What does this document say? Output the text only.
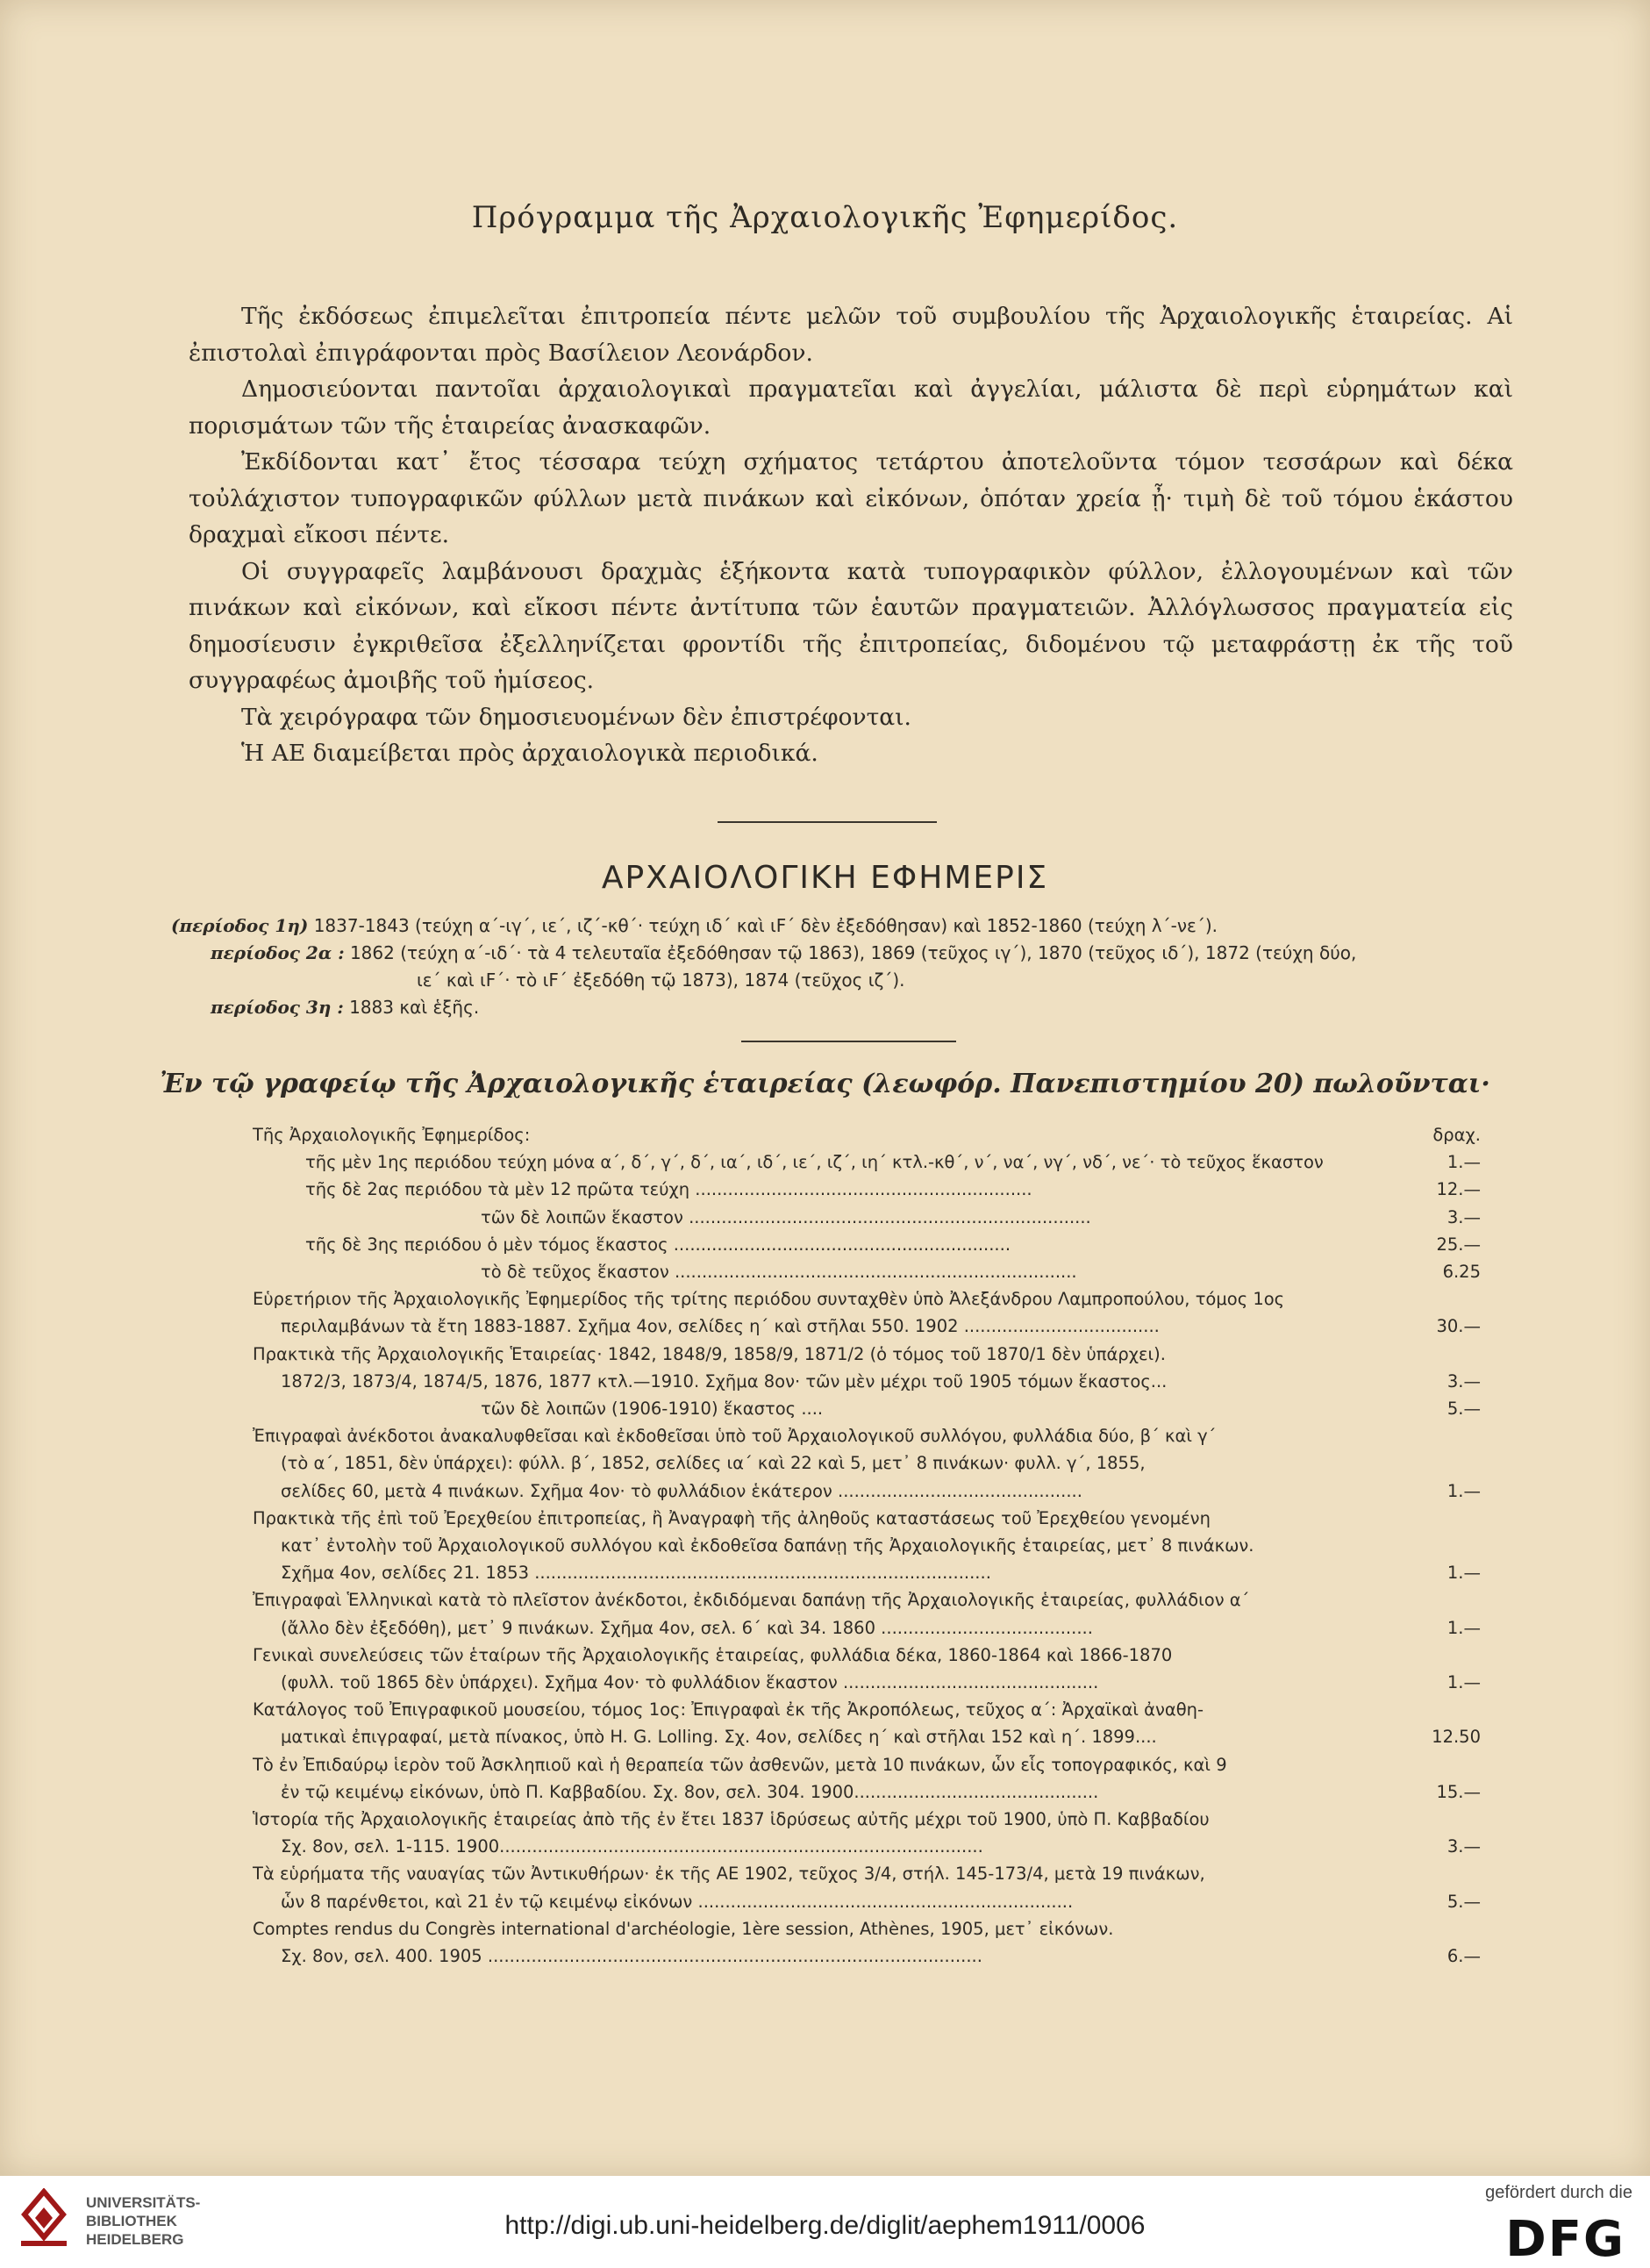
Πρόγραμμα τῆς Ἀρχαιολογικῆς Ἐφημερίδος.

Τῆς ἐκδόσεως ἐπιμελεῖται ἐπιτροπεία πέντε μελῶν τοῦ συμβουλίου τῆς Ἀρχαιολογικῆς ἑταιρείας. Αἱ ἐπιστολαὶ ἐπιγράφονται πρὸς Βασίλειον Λεονάρδον.

Δημοσιεύονται παντοῖαι ἀρχαιολογικαὶ πραγματεῖαι καὶ ἀγγελίαι, μάλιστα δὲ περὶ εὑρημάτων καὶ πορισμάτων τῶν τῆς ἑταιρείας ἀνασκαφῶν.

Ἐκδίδονται κατ᾽ ἔτος τέσσαρα τεύχη σχήματος τετάρτου ἀποτελοῦντα τόμον τεσσάρων καὶ δέκα τοὐλάχιστον τυπογραφικῶν φύλλων μετὰ πινάκων καὶ εἰκόνων, ὁπόταν χρεία ᾖ· τιμὴ δὲ τοῦ τόμου ἑκάστου δραχμαὶ εἴκοσι πέντε.

Οἱ συγγραφεῖς λαμβάνουσι δραχμὰς ἑξήκοντα κατὰ τυπογραφικὸν φύλλον, ἐλλογουμένων καὶ τῶν πινάκων καὶ εἰκόνων, καὶ εἴκοσι πέντε ἀντίτυπα τῶν ἑαυτῶν πραγματειῶν. Ἀλλόγλωσσος πραγματεία εἰς δημοσίευσιν ἐγκριθεῖσα ἐξελληνίζεται φροντίδι τῆς ἐπιτροπείας, διδομένου τῷ μεταφράστῃ ἐκ τῆς τοῦ συγγραφέως ἀμοιβῆς τοῦ ἡμίσεος.

Τὰ χειρόγραφα τῶν δημοσιευομένων δὲν ἐπιστρέφονται.

Ἡ ΑΕ διαμείβεται πρὸς ἀρχαιολογικὰ περιοδικά.

ΑΡΧΑΙΟΛΟΓΙΚΗ ΕΦΗΜΕΡΙΣ
(περίοδος 1η) 1837-1843 (τεύχη α΄-ιγ΄, ιε΄, ιζ΄-κθ΄· τεύχη ιδ΄ καὶ ιF΄ δὲν ἐξεδόθησαν) καὶ 1852-1860 (τεύχη λ΄-νε΄).
περίοδος 2α : 1862 (τεύχη α΄-ιδ΄· τὰ 4 τελευταῖα ἐξεδόθησαν τῷ 1863), 1869 (τεῦχος ιγ΄), 1870 (τεῦχος ιδ΄), 1872 (τεύχη δύο,
ιε΄ καὶ ιF΄· τὸ ιF΄ ἐξεδόθη τῷ 1873), 1874 (τεῦχος ιζ΄).
περίοδος 3η : 1883 καὶ ἑξῆς.
Ἐν τῷ γραφείῳ τῆς Ἀρχαιολογικῆς ἑταιρείας (λεωφόρ. Πανεπιστημίου 20) πωλοῦνται·
Τῆς Ἀρχαιολογικῆς Ἐφημερίδος:	δραχ.
τῆς μὲν 1ης περιόδου τεύχη μόνα α΄, δ΄, γ΄, δ΄, ια΄, ιδ΄, ιε΄, ιζ΄, ιη΄ κτλ.-κθ΄, ν΄, να΄, νγ΄, νδ΄, νε΄· τὸ τεῦχος ἕκαστον	1.—
τῆς δὲ 2ας περιόδου τὰ μὲν 12 πρῶτα τεύχη ..............................................................	12.—
τῶν δὲ λοιπῶν ἕκαστον ..........................................................................	3.—
τῆς δὲ 3ης περιόδου ὁ μὲν τόμος ἕκαστος ..............................................................	25.—
τὸ δὲ τεῦχος ἕκαστον ..........................................................................	6.25
Εὑρετήριον τῆς Ἀρχαιολογικῆς Ἐφημερίδος τῆς τρίτης περιόδου συνταχθὲν ὑπὸ Ἀλεξάνδρου Λαμπροπούλου, τόμος 1ος
περιλαμβάνων τὰ ἔτη 1883-1887. Σχῆμα 4ον, σελίδες η΄ καὶ στῆλαι 550. 1902 ....................................	30.—
Πρακτικὰ τῆς Ἀρχαιολογικῆς Ἑταιρείας· 1842, 1848/9, 1858/9, 1871/2 (ὁ τόμος τοῦ 1870/1 δὲν ὑπάρχει).
1872/3, 1873/4, 1874/5, 1876, 1877 κτλ.—1910. Σχῆμα 8ον· τῶν μὲν μέχρι τοῦ 1905 τόμων ἕκαστος...	3.—
τῶν δὲ λοιπῶν (1906-1910) ἕκαστος ....	5.—
Ἐπιγραφαὶ ἀνέκδοτοι ἀνακαλυφθεῖσαι καὶ ἐκδοθεῖσαι ὑπὸ τοῦ Ἀρχαιολογικοῦ συλλόγου, φυλλάδια δύο, β΄ καὶ γ΄
(τὸ α΄, 1851, δὲν ὑπάρχει): φύλλ. β΄, 1852, σελίδες ια΄ καὶ 22 καὶ 5, μετ᾽ 8 πινάκων· φυλλ. γ΄, 1855,
σελίδες 60, μετὰ 4 πινάκων. Σχῆμα 4ον· τὸ φυλλάδιον ἑκάτερον .............................................	1.—
Πρακτικὰ τῆς ἐπὶ τοῦ Ἐρεχθείου ἐπιτροπείας, ἢ Ἀναγραφὴ τῆς ἀληθοῦς καταστάσεως τοῦ Ἐρεχθείου γενομένη
κατ᾽ ἐντολὴν τοῦ Ἀρχαιολογικοῦ συλλόγου καὶ ἐκδοθεῖσα δαπάνῃ τῆς Ἀρχαιολογικῆς ἑταιρείας, μετ᾽ 8 πινάκων.
Σχῆμα 4ον, σελίδες 21. 1853 ....................................................................................	1.—
Ἐπιγραφαὶ Ἑλληνικαὶ κατὰ τὸ πλεῖστον ἀνέκδοτοι, ἐκδιδόμεναι δαπάνῃ τῆς Ἀρχαιολογικῆς ἑταιρείας, φυλλάδιον α΄
(ἄλλο δὲν ἐξεδόθη), μετ᾽ 9 πινάκων. Σχῆμα 4ον, σελ. 6΄ καὶ 34. 1860 .......................................	1.—
Γενικαὶ συνελεύσεις τῶν ἑταίρων τῆς Ἀρχαιολογικῆς ἑταιρείας, φυλλάδια δέκα, 1860-1864 καὶ 1866-1870
(φυλλ. τοῦ 1865 δὲν ὑπάρχει). Σχῆμα 4ον· τὸ φυλλάδιον ἕκαστον ...............................................	1.—
Κατάλογος τοῦ Ἐπιγραφικοῦ μουσείου, τόμος 1ος: Ἐπιγραφαὶ ἐκ τῆς Ἀκροπόλεως, τεῦχος α΄: Ἀρχαϊκαὶ ἀναθη-
ματικαὶ ἐπιγραφαί, μετὰ πίνακος, ὑπὸ H. G. Lolling. Σχ. 4ον, σελίδες η΄ καὶ στῆλαι 152 καὶ η΄. 1899....	12.50
Τὸ ἐν Ἐπιδαύρῳ ἱερὸν τοῦ Ἀσκληπιοῦ καὶ ἡ θεραπεία τῶν ἀσθενῶν, μετὰ 10 πινάκων, ὧν εἷς τοπογραφικός, καὶ 9
ἐν τῷ κειμένῳ εἰκόνων, ὑπὸ Π. Καββαδίου. Σχ. 8ον, σελ. 304. 1900.............................................	15.—
Ἱστορία τῆς Ἀρχαιολογικῆς ἑταιρείας ἀπὸ τῆς ἐν ἔτει 1837 ἱδρύσεως αὐτῆς μέχρι τοῦ 1900, ὑπὸ Π. Καββαδίου
Σχ. 8ον, σελ. 1-115. 1900.........................................................................................	3.—
Τὰ εὑρήματα τῆς ναυαγίας τῶν Ἀντικυθήρων· ἐκ τῆς ΑΕ 1902, τεῦχος 3/4, στήλ. 145-173/4, μετὰ 19 πινάκων,
ὧν 8 παρένθετοι, καὶ 21 ἐν τῷ κειμένῳ εἰκόνων .....................................................................	5.—
Comptes rendus du Congrès international d'archéologie, 1ère session, Athènes, 1905, μετ᾽ εἰκόνων.
Σχ. 8ον, σελ. 400. 1905 ...........................................................................................	6.—
UNIVERSITÄTS-
BIBLIOTHEK
HEIDELBERG	http://digi.ub.uni-heidelberg.de/diglit/aephem1911/0006
gefördert durch die
DFG
